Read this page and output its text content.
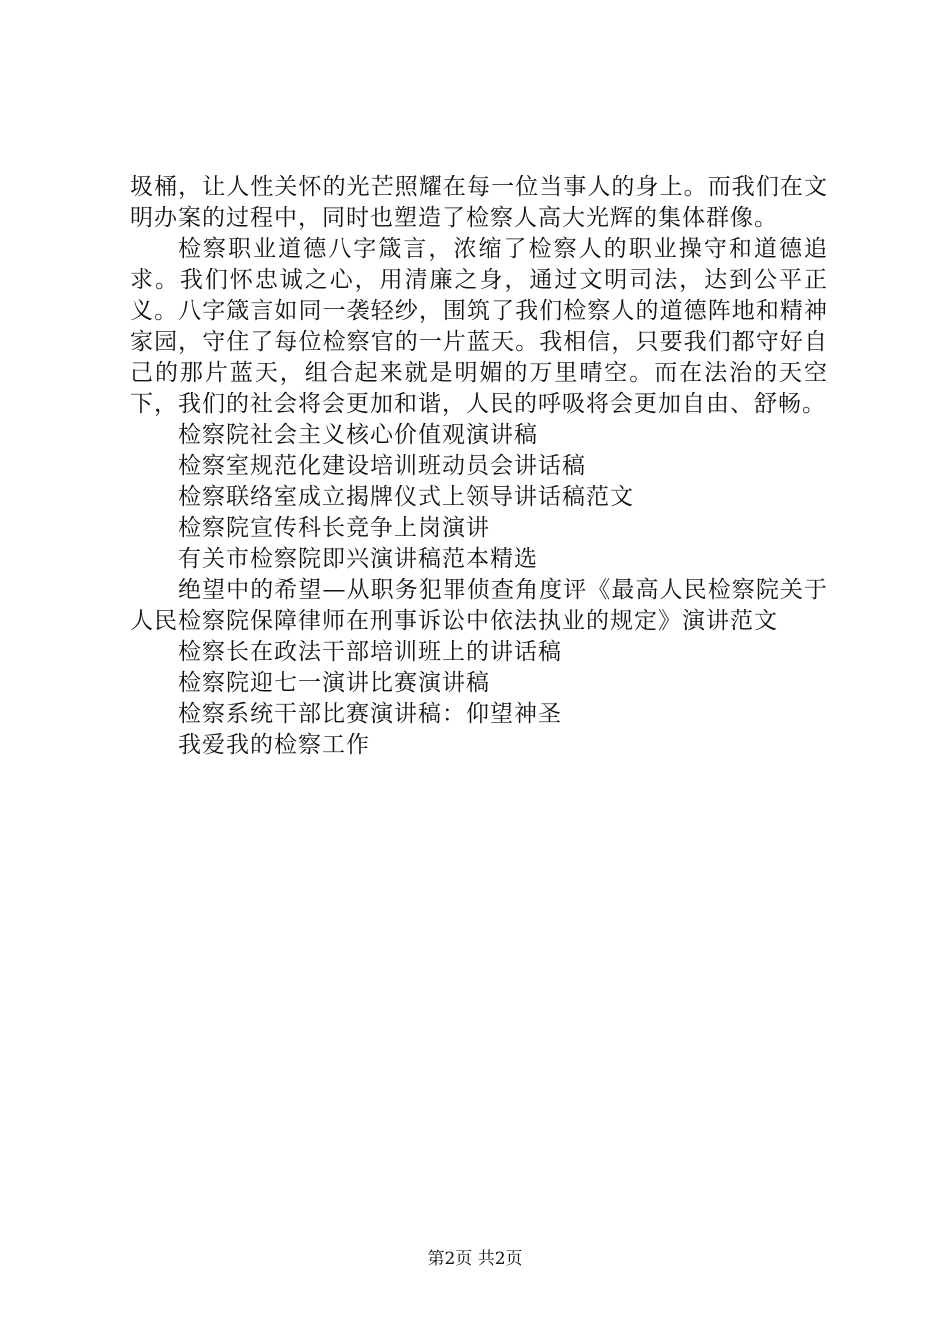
圾桶，让人性关怀的光芒照耀在每一位当事人的身上。而我们在文明办案的过程中，同时也塑造了检察人高大光辉的集体群像。

检察职业道德八字箴言，浓缩了检察人的职业操守和道德追求。我们怀忠诚之心，用清廉之身，通过文明司法，达到公平正义。八字箴言如同一袭轻纱，围筑了我们检察人的道德阵地和精神家园，守住了每位检察官的一片蓝天。我相信，只要我们都守好自己的那片蓝天，组合起来就是明媚的万里晴空。而在法治的天空下，我们的社会将会更加和谐，人民的呼吸将会更加自由、舒畅。

检察院社会主义核心价值观演讲稿

检察室规范化建设培训班动员会讲话稿

检察联络室成立揭牌仪式上领导讲话稿范文

检察院宣传科长竞争上岗演讲

有关市检察院即兴演讲稿范本精选

绝望中的希望—从职务犯罪侦查角度评《最高人民检察院关于人民检察院保障律师在刑事诉讼中依法执业的规定》演讲范文

检察长在政法干部培训班上的讲话稿

检察院迎七一演讲比赛演讲稿

检察系统干部比赛演讲稿：仰望神圣

我爱我的检察工作

第2页 共2页
